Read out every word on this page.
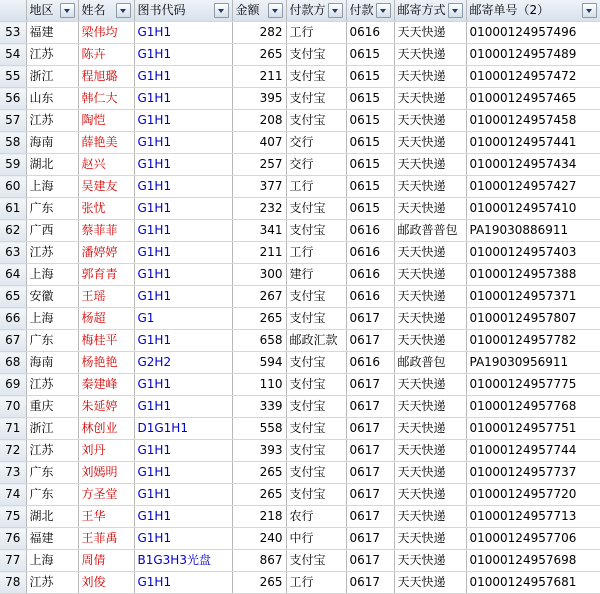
	地区	姓名	图书代码	金额	付款方	付款	邮寄方式	邮寄单号（2）

53	福建	梁伟均	G1H1	282	工行	0616	天天快递	01000124957496
54	江苏	陈卉	G1H1	265	支付宝	0615	天天快递	01000124957489
55	浙江	程旭璐	G1H1	211	支付宝	0615	天天快递	01000124957472
56	山东	韩仁大	G1H1	395	支付宝	0615	天天快递	01000124957465
57	江苏	陶恺	G1H1	208	支付宝	0615	天天快递	01000124957458
58	海南	薛艳美	G1H1	407	交行	0615	天天快递	01000124957441
59	湖北	赵兴	G1H1	257	交行	0615	天天快递	01000124957434
60	上海	吴建友	G1H1	377	工行	0615	天天快递	01000124957427
61	广东	张忧	G1H1	232	支付宝	0615	天天快递	01000124957410
62	广西	蔡菲菲	G1H1	341	支付宝	0616	邮政普普包	PA19030886911
63	江苏	潘婷婷	G1H1	211	工行	0616	天天快递	01000124957403
64	上海	郭育青	G1H1	300	建行	0616	天天快递	01000124957388
65	安徽	王瑶	G1H1	267	支付宝	0616	天天快递	01000124957371
66	上海	杨超	G1	265	支付宝	0617	天天快递	01000124957807
67	广东	梅桂平	G1H1	658	邮政汇款	0617	天天快递	01000124957782
68	海南	杨艳艳	G2H2	594	支付宝	0616	邮政普包	PA19030956911
69	江苏	秦建峰	G1H1	110	支付宝	0617	天天快递	01000124957775
70	重庆	朱延婷	G1H1	339	支付宝	0617	天天快递	01000124957768
71	浙江	林创业	D1G1H1	558	支付宝	0617	天天快递	01000124957751
72	江苏	刘丹	G1H1	393	支付宝	0617	天天快递	01000124957744
73	广东	刘嫣明	G1H1	265	支付宝	0617	天天快递	01000124957737
74	广东	方圣堂	G1H1	265	支付宝	0617	天天快递	01000124957720
75	湖北	王华	G1H1	218	农行	0617	天天快递	01000124957713
76	福建	王菲禹	G1H1	240	中行	0617	天天快递	01000124957706
77	上海	周倩	B1G3H3光盘	867	支付宝	0617	天天快递	01000124957698
78	江苏	刘俊	G1H1	265	工行	0617	天天快递	01000124957681
